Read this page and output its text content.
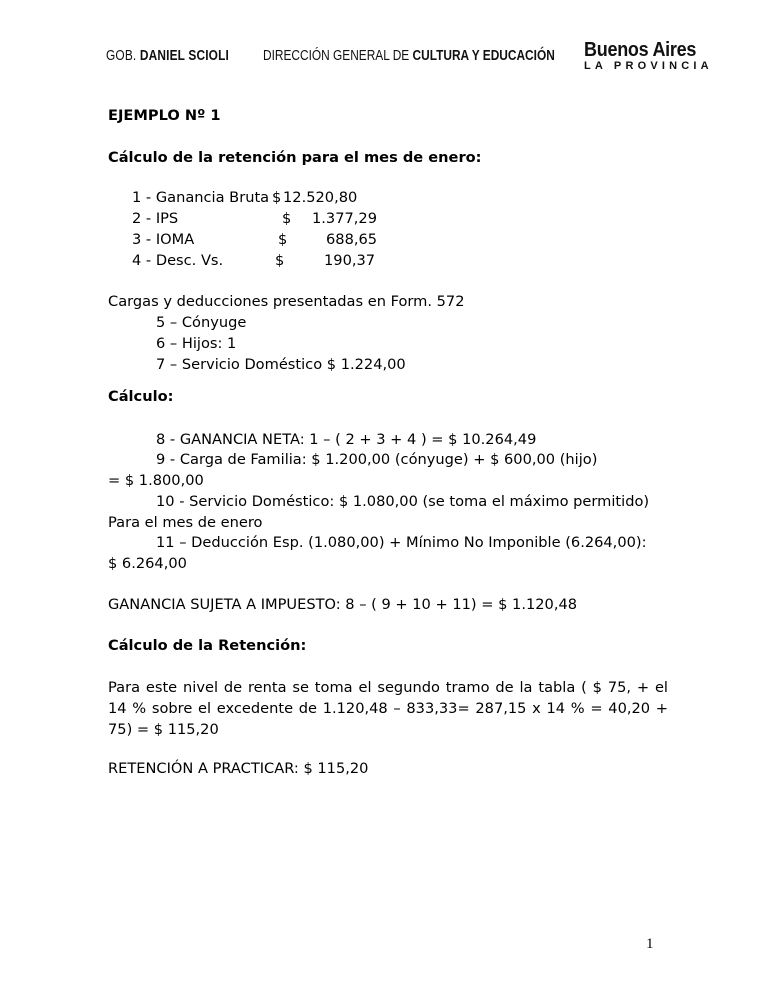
GOB. DANIEL SCIOLI DIRECCIÓN GENERAL DE CULTURA Y EDUCACIÓN Buenos Aires
LA PROVINCIA
EJEMPLO Nº 1
Cálculo de la retención para el mes de enero:
1 - Ganancia Bruta $ 12.520,80
2 - IPS	$ 1.377,29
3 - IOMA	$	688,65
4 - Desc. Vs.	$	190,37
Cargas y deducciones presentadas en Form. 572
5 – Cónyuge
6 – Hijos: 1
7 – Servicio Doméstico $ 1.224,00
Cálculo:
8 - GANANCIA NETA: 1 – ( 2 + 3 + 4 ) = $ 10.264,49
9 - Carga de Familia: $ 1.200,00 (cónyuge) + $ 600,00 (hijo)
= $ 1.800,00
10 - Servicio Doméstico: $ 1.080,00 (se toma el máximo permitido)
Para el mes de enero
11 – Deducción Esp. (1.080,00) + Mínimo No Imponible (6.264,00):
$ 6.264,00
GANANCIA SUJETA A IMPUESTO: 8 – ( 9 + 10 + 11) = $ 1.120,48
Cálculo de la Retención:
Para este nivel de renta se toma el segundo tramo de la tabla ( $ 75, + el 14 % sobre el excedente de 1.120,48 – 833,33= 287,15 x 14 % = 40,20 + 75) = $ 115,20
RETENCIÓN A PRACTICAR: $ 115,20
1
